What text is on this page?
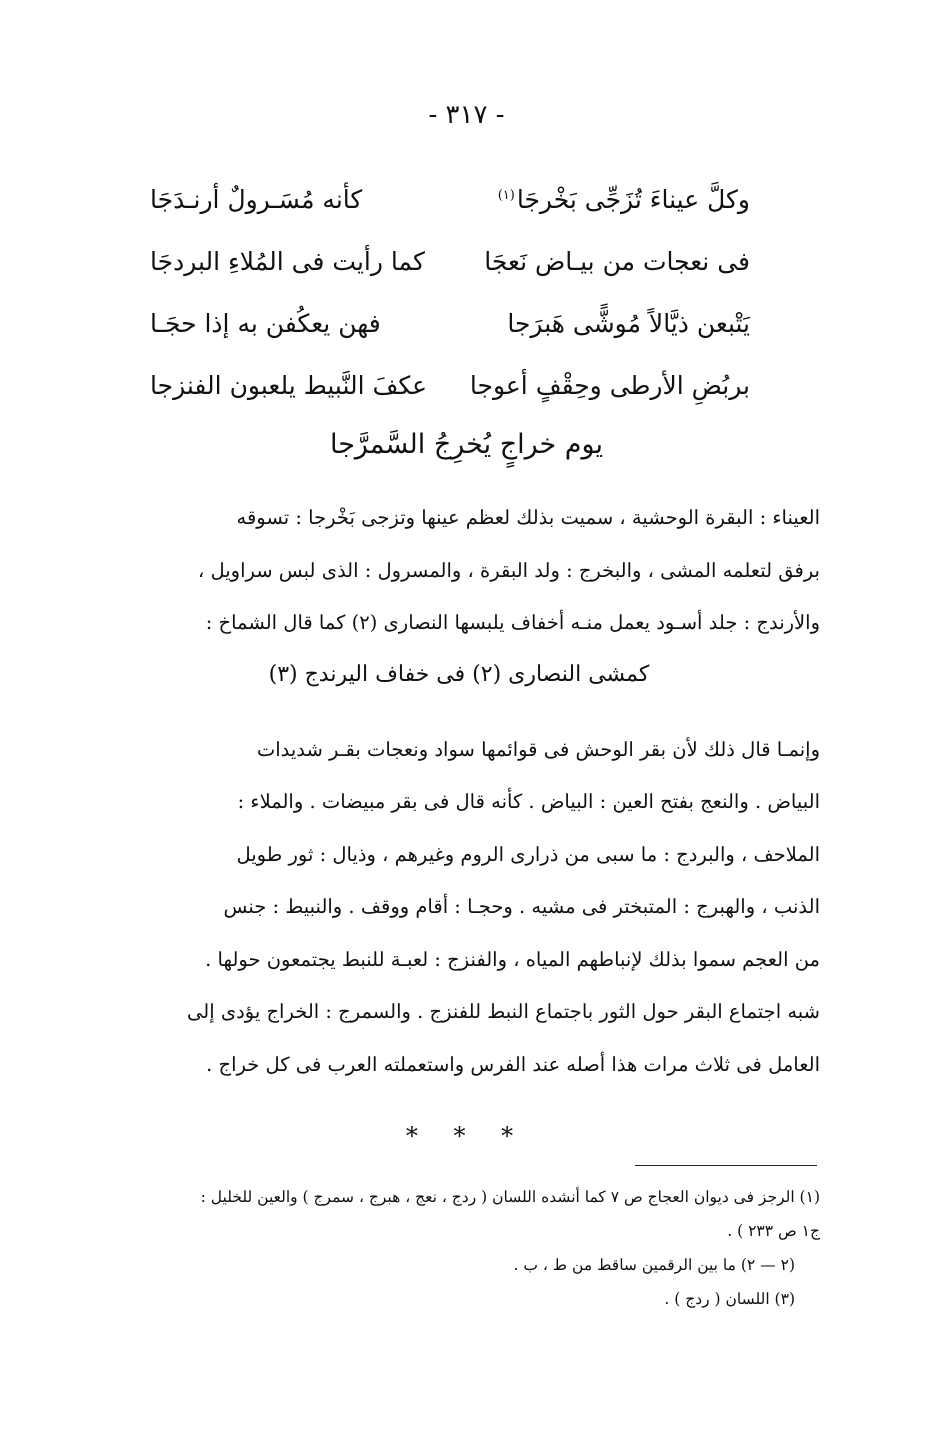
- ٣١٧ -
وكلَّ عيناءَ تُزَجِّى بَخْرجَا$^{(١)}$
كأنه مُسَـرولٌ أرنـدَجَا
فى نعجات من بيـاض نَعجَا
كما رأيت فى المُلاءِ البردجَا
يَتْبعن ذيَّالاً مُوشًّى هَبرَجا
فهن يعكُفن به إذا حجَـا
بربُضِ الأرطى وحِقْفٍ أعوجا
عكفَ النَّبيط يلعبون الفنزجا
يوم خراجٍ يُخرِجُ السَّمرَّجا

العيناء : البقرة الوحشية ، سميت بذلك لعظم عينها وتزجى بَخْرجا : تسوقه

برفق لتعلمه المشى ، والبخرج : ولد البقرة ، والمسرول : الذى لبس سراويل ،

والأرندج : جلد أسـود يعمل منـه أخفاف يلبسها النصارى (٢) كما قال الشماخ :

كمشى النصارى (٢) فى خفاف اليرندج (٣)

وإنمـا قال ذلك لأن بقر الوحش فى قوائمها سواد ونعجات بقـر شديدات

البياض . والنعج بفتح العين : البياض . كأنه قال فى بقر مبيضات . والملاء :

الملاحف ، والبردج : ما سبى من ذرارى الروم وغيرهم ، وذيال : ثور طويل

الذنب ، والهبرج : المتبختر فى مشيه . وحجـا : أقام ووقف . والنبيط : جنس

من العجم سموا بذلك لإنباطهم المياه ، والفنزج : لعبـة للنبط يجتمعون حولها .

شبه اجتماع البقر حول الثور باجتماع النبط للفنزج . والسمرج : الخراج يؤدى إلى

العامل فى ثلاث مرات هذا أصله عند الفرس واستعملته العرب فى كل خراج .

* * *

(١) الرجز فى ديوان العجاج ص ٧ كما أنشده اللسان ( ردج ، نعج ، هبرج ، سمرج ) والعين للخليل :

ج١ ص ٢٣٣ ) .

(٢ — ٢) ما بين الرقمين ساقط من ط ، ب .

(٣) اللسان ( ردج ) .
